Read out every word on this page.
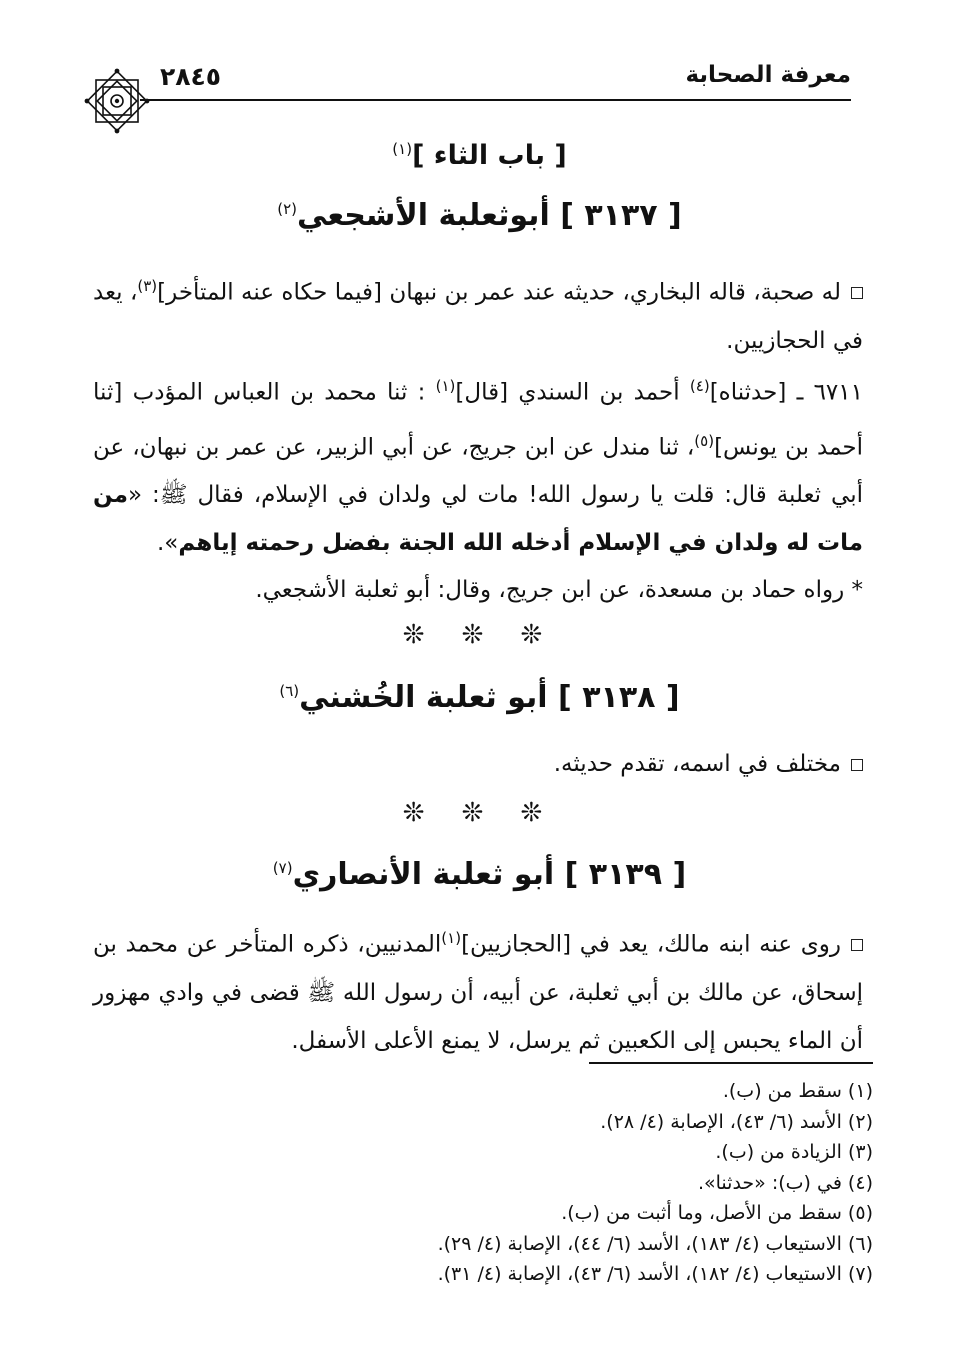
معرفة الصحابة
٢٨٤٥
[ باب الثاء ]$^{(١)}$
[ ٣١٣٧ ] أبوثعلبة الأشجعي$^{(٢)}$
له صحبة، قاله البخاري، حديثه عند عمر بن نبهان [فيما حكاه عنه المتأخر]$^{(٣)}$، يعد في الحجازيين.
٦٧١١ ـ [حدثناه]$^{(٤)}$ أحمد بن السندي [قال]$^{(١)}$ : ثنا محمد بن العباس المؤدب [ثنا أحمد بن يونس]$^{(٥)}$، ثنا مندل عن ابن جريج، عن أبي الزبير، عن عمر بن نبهان، عن أبي ثعلبة قال: قلت يا رسول الله! مات لي ولدان في الإسلام، فقال ﷺ: «من مات له ولدان في الإسلام أدخله الله الجنة بفضل رحمته إياهم».
* رواه حماد بن مسعدة، عن ابن جريج، وقال: أبو ثعلبة الأشجعي.
❊ ❊ ❊
[ ٣١٣٨ ] أبو ثعلبة الخُشني$^{(٦)}$
مختلف في اسمه، تقدم حديثه.
❊ ❊ ❊
[ ٣١٣٩ ] أبو ثعلبة الأنصاري$^{(٧)}$
روى عنه ابنه مالك، يعد في [الحجازيين]$^{(١)}$المدنيين، ذكره المتأخر عن محمد بن إسحاق، عن مالك بن أبي ثعلبة، عن أبيه، أن رسول الله ﷺ قضى في وادي مهزور أن الماء يحبس إلى الكعبين ثم يرسل، لا يمنع الأعلى الأسفل.
(١) سقط من (ب).
(٢) الأسد (٦/ ٤٣)، الإصابة (٤/ ٢٨).
(٣) الزيادة من (ب).
(٤) في (ب): «حدثنا».
(٥) سقط من الأصل، وما أثبت من (ب).
(٦) الاستيعاب (٤/ ١٨٣)، الأسد (٦/ ٤٤)، الإصابة (٤/ ٢٩).
(٧) الاستيعاب (٤/ ١٨٢)، الأسد (٦/ ٤٣)، الإصابة (٤/ ٣١).
